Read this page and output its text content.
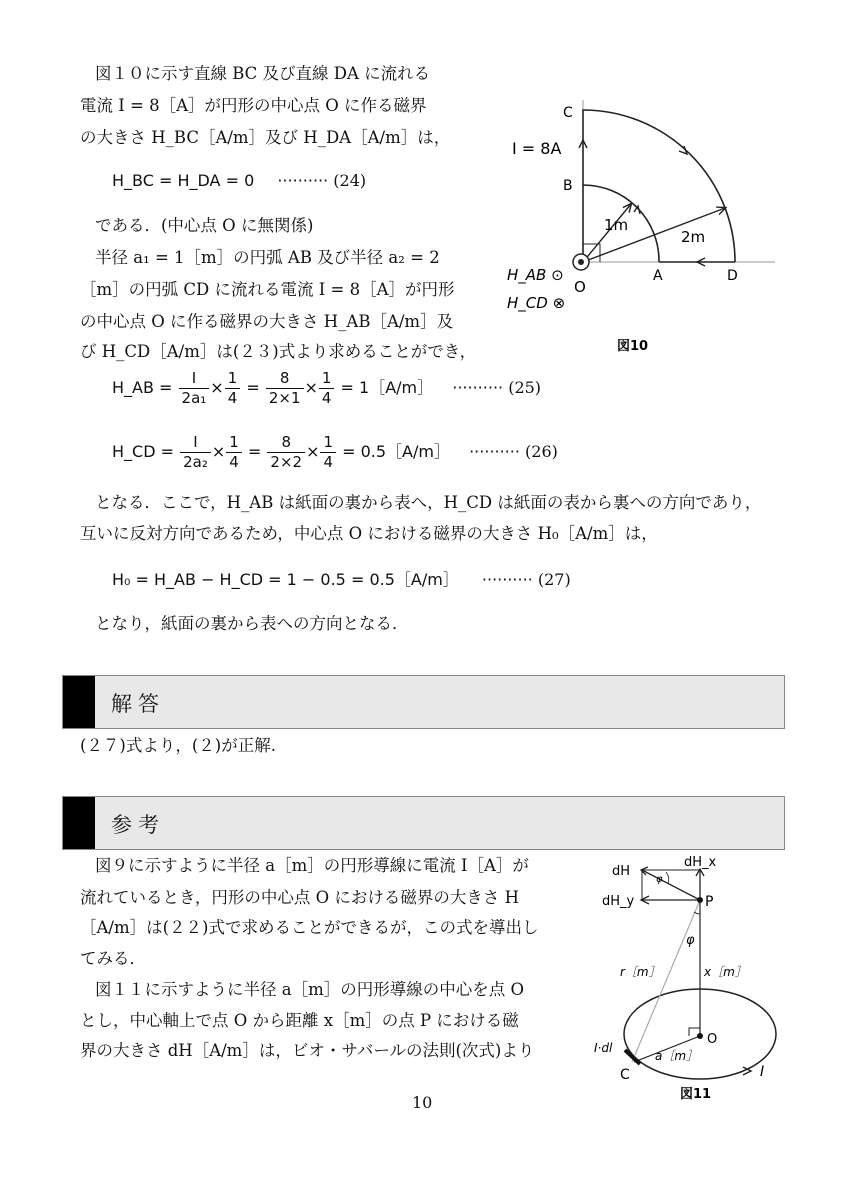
図１０に示す直線 BC 及び直線 DA に流れる
電流 I = 8［A］が円形の中心点 O に作る磁界
の大きさ H_BC［A/m］及び H_DA［A/m］は，
H_BC = H_DA = 0 ·········· (24)
である．(中心点 O に無関係)
半径 a₁ = 1［m］の円弧 AB 及び半径 a₂ = 2
［m］の円弧 CD に流れる電流 I = 8［A］が円形
の中心点 O に作る磁界の大きさ H_AB［A/m］及
び H_CD［A/m］は(２３)式より求めることができ，
H_AB = $\frac{I}{\text{2a₁}} \times \frac{1}{4} = \frac{8}{2\times 1} \times \frac{1}{4}$ = 1［A/m］ ·········· (25)
H_CD = $\frac{I}{\text{2a₂}} \times \frac{1}{4} = \frac{8}{2\times 2} \times \frac{1}{4}$ = 0.5［A/m］ ·········· (26)
となる．ここで，H_AB は紙面の裏から表へ，H_CD は紙面の表から裏への方向であり，
互いに反対方向であるため，中心点 O における磁界の大きさ H₀［A/m］は，
H₀ = H_AB − H_CD = 1 − 0.5 = 0.5［A/m］ ·········· (27)
となり，紙面の裏から表への方向となる．
解答
(２７)式より，(２)が正解.
参考
図９に示すように半径 a［m］の円形導線に電流 I［A］が
流れているとき，円形の中心点 O における磁界の大きさ H
［A/m］は(２２)式で求めることができるが，この式を導出し
てみる．
図１１に示すように半径 a［m］の円形導線の中心を点 O
とし，中心軸上で点 O から距離 x［m］の点 P における磁
界の大きさ dH［A/m］は，ビオ・サバールの法則(次式)より
10
C
B
A	D
O
I = 8A
1m
2m
H_AB ⊙
H_CD ⊗
図10
dH
dH_x
dH_y	P
φ
φ
r［m］	x［m］
O
I·dl
a［m］
C	I
図11
